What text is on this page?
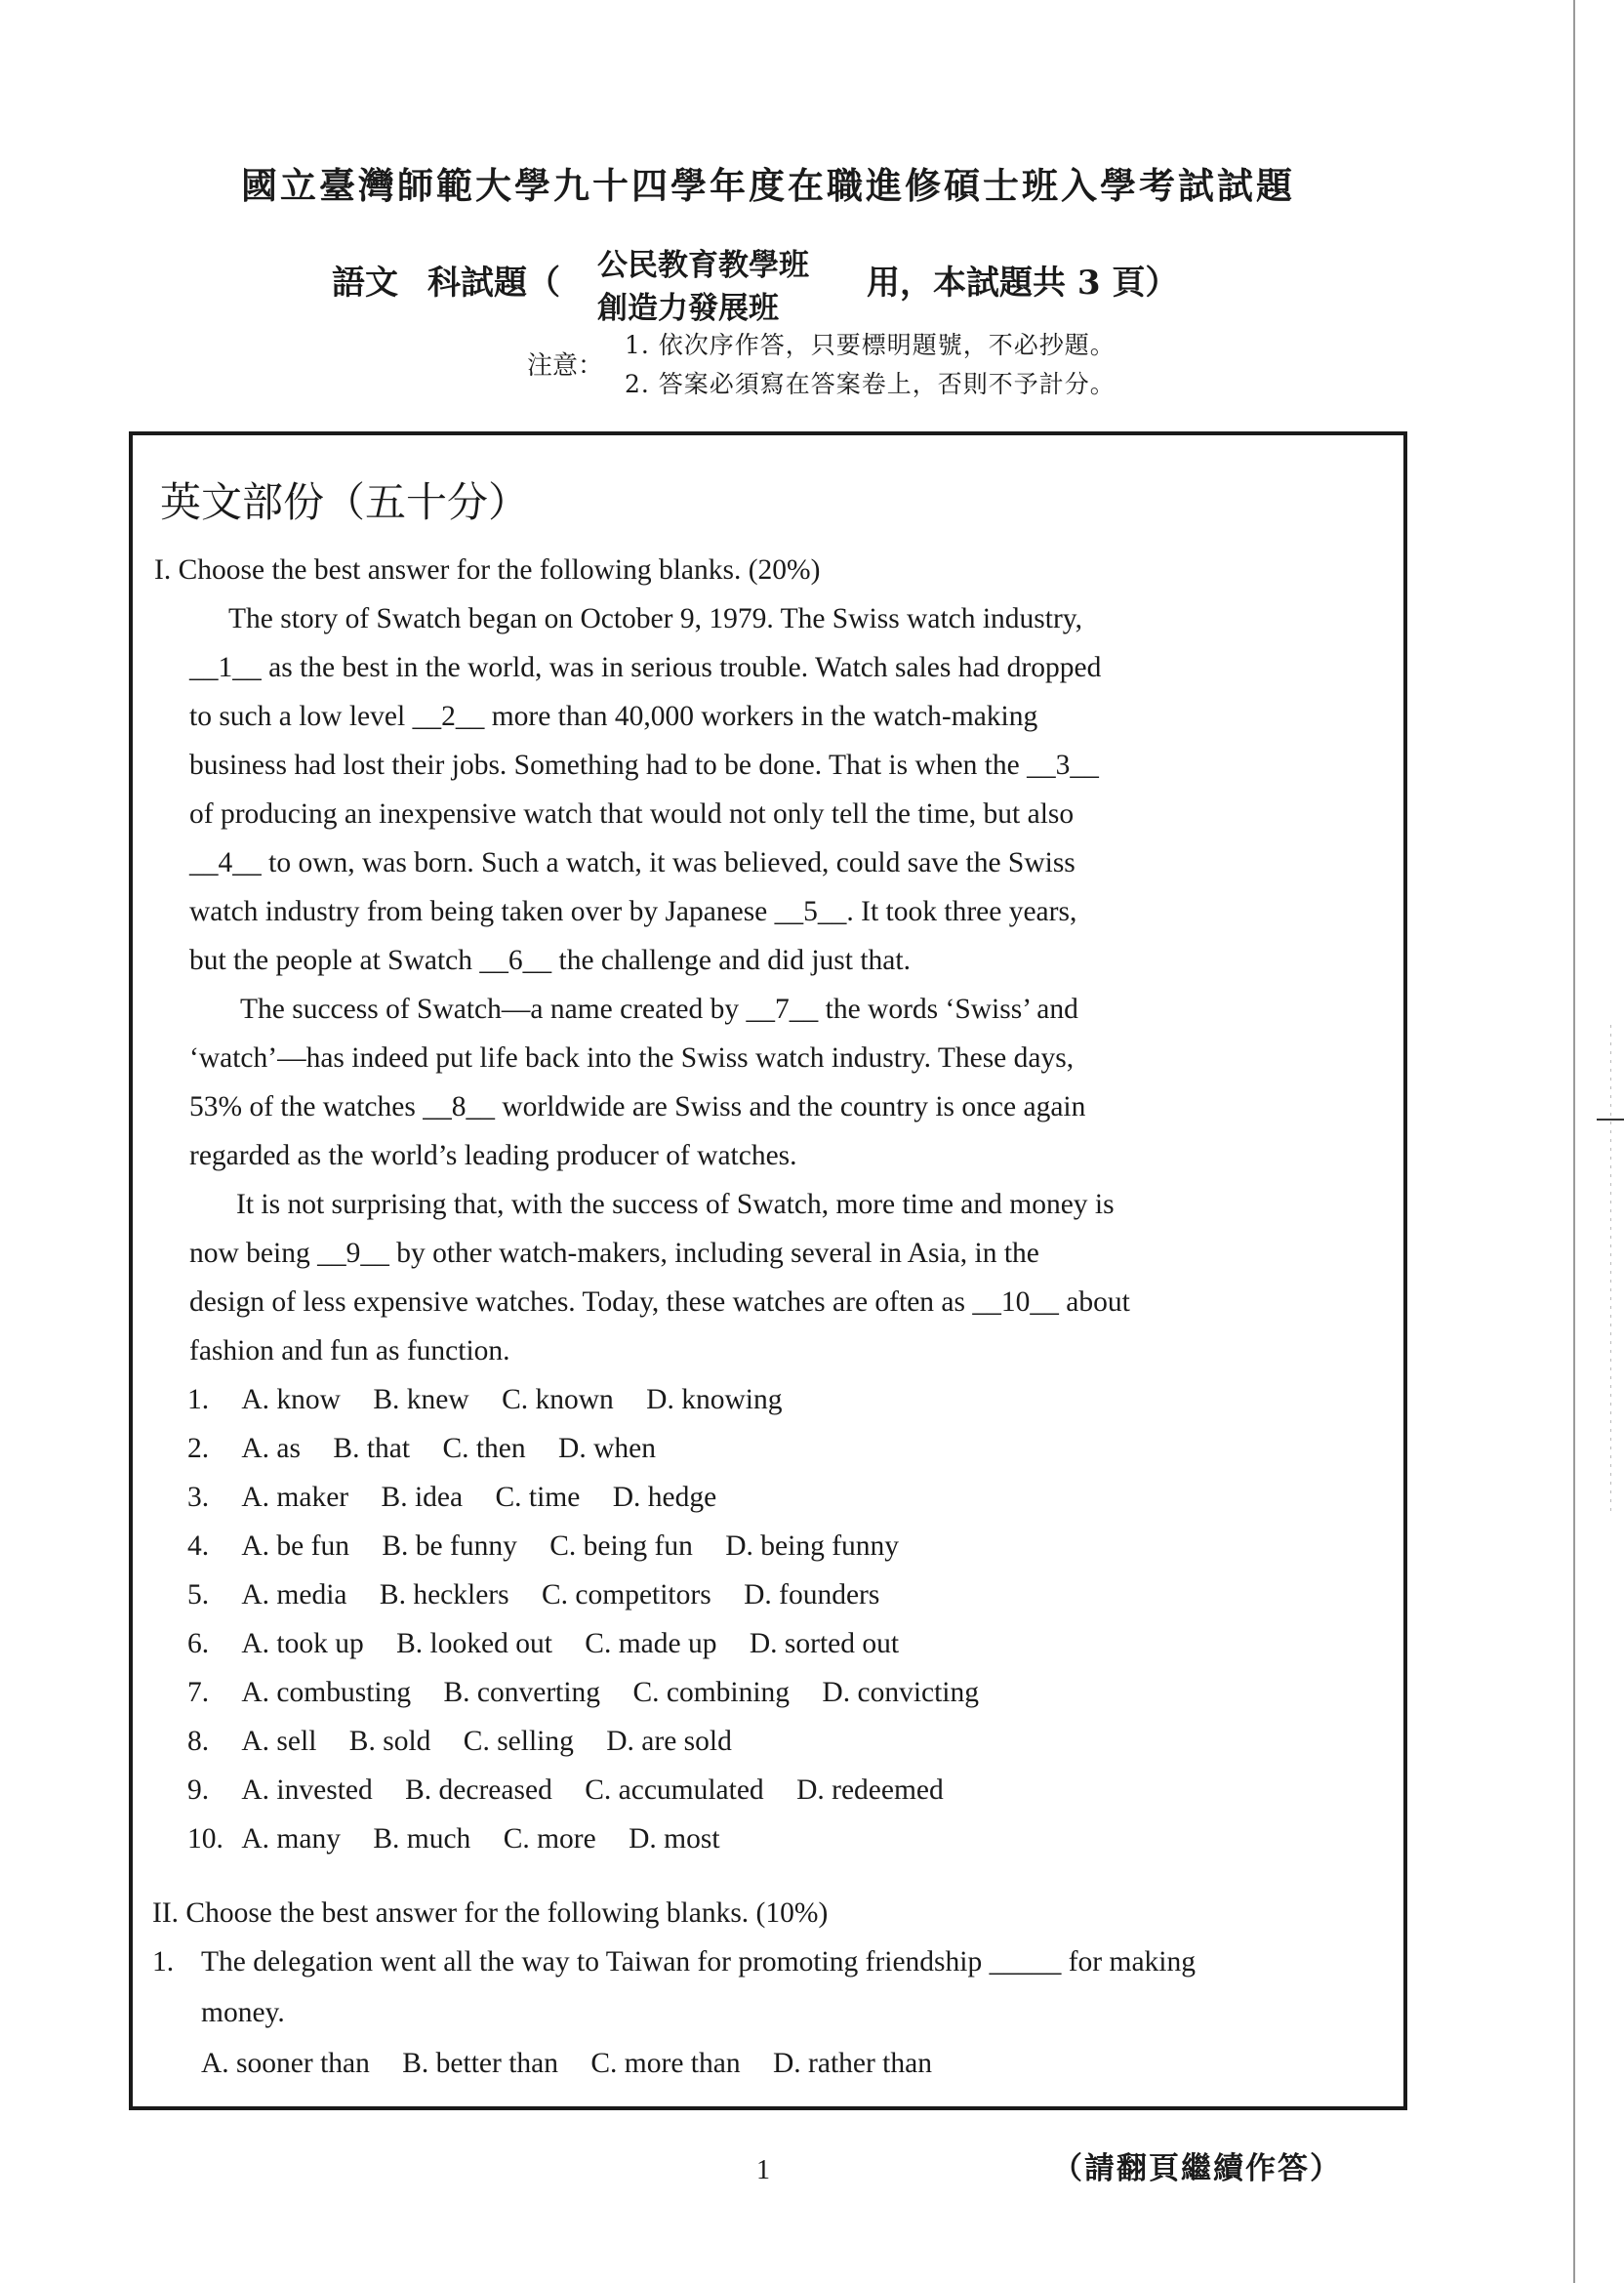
國立臺灣師範大學九十四學年度在職進修碩士班入學考試試題
語文 科試題（ 公民教育教學班
創造力發展班
用，本試題共 3 頁）
注意：
1. 依次序作答，只要標明題號，不必抄題。
2. 答案必須寫在答案卷上，否則不予計分。
英文部份（五十分）
I. Choose the best answer for the following blanks. (20%)
The story of Swatch began on October 9, 1979. The Swiss watch industry,
__1__ as the best in the world, was in serious trouble. Watch sales had dropped
to such a low level __2__ more than 40,000 workers in the watch-making
business had lost their jobs. Something had to be done. That is when the __3__
of producing an inexpensive watch that would not only tell the time, but also
__4__ to own, was born. Such a watch, it was believed, could save the Swiss
watch industry from being taken over by Japanese __5__. It took three years,
but the people at Swatch __6__ the challenge and did just that.
The success of Swatch—a name created by __7__ the words ‘Swiss’ and
‘watch’—has indeed put life back into the Swiss watch industry. These days,
53% of the watches __8__ worldwide are Swiss and the country is once again
regarded as the world’s leading producer of watches.
It is not surprising that, with the success of Swatch, more time and money is
now being __9__ by other watch-makers, including several in Asia, in the
design of less expensive watches. Today, these watches are often as __10__ about
fashion and fun as function.
1. A. know B. knew C. known D. knowing
2. A. as B. that C. then D. when
3. A. maker B. idea C. time D. hedge
4. A. be fun B. be funny C. being fun D. being funny
5. A. media B. hecklers C. competitors D. founders
6. A. took up B. looked out C. made up D. sorted out
7. A. combusting B. converting C. combining D. convicting
8. A. sell B. sold C. selling D. are sold
9. A. invested B. decreased C. accumulated D. redeemed
10. A. many B. much C. more D. most
II. Choose the best answer for the following blanks. (10%)
1. The delegation went all the way to Taiwan for promoting friendship _____ for making
money.
A. sooner than B. better than C. more than D. rather than
1	（請翻頁繼續作答）
